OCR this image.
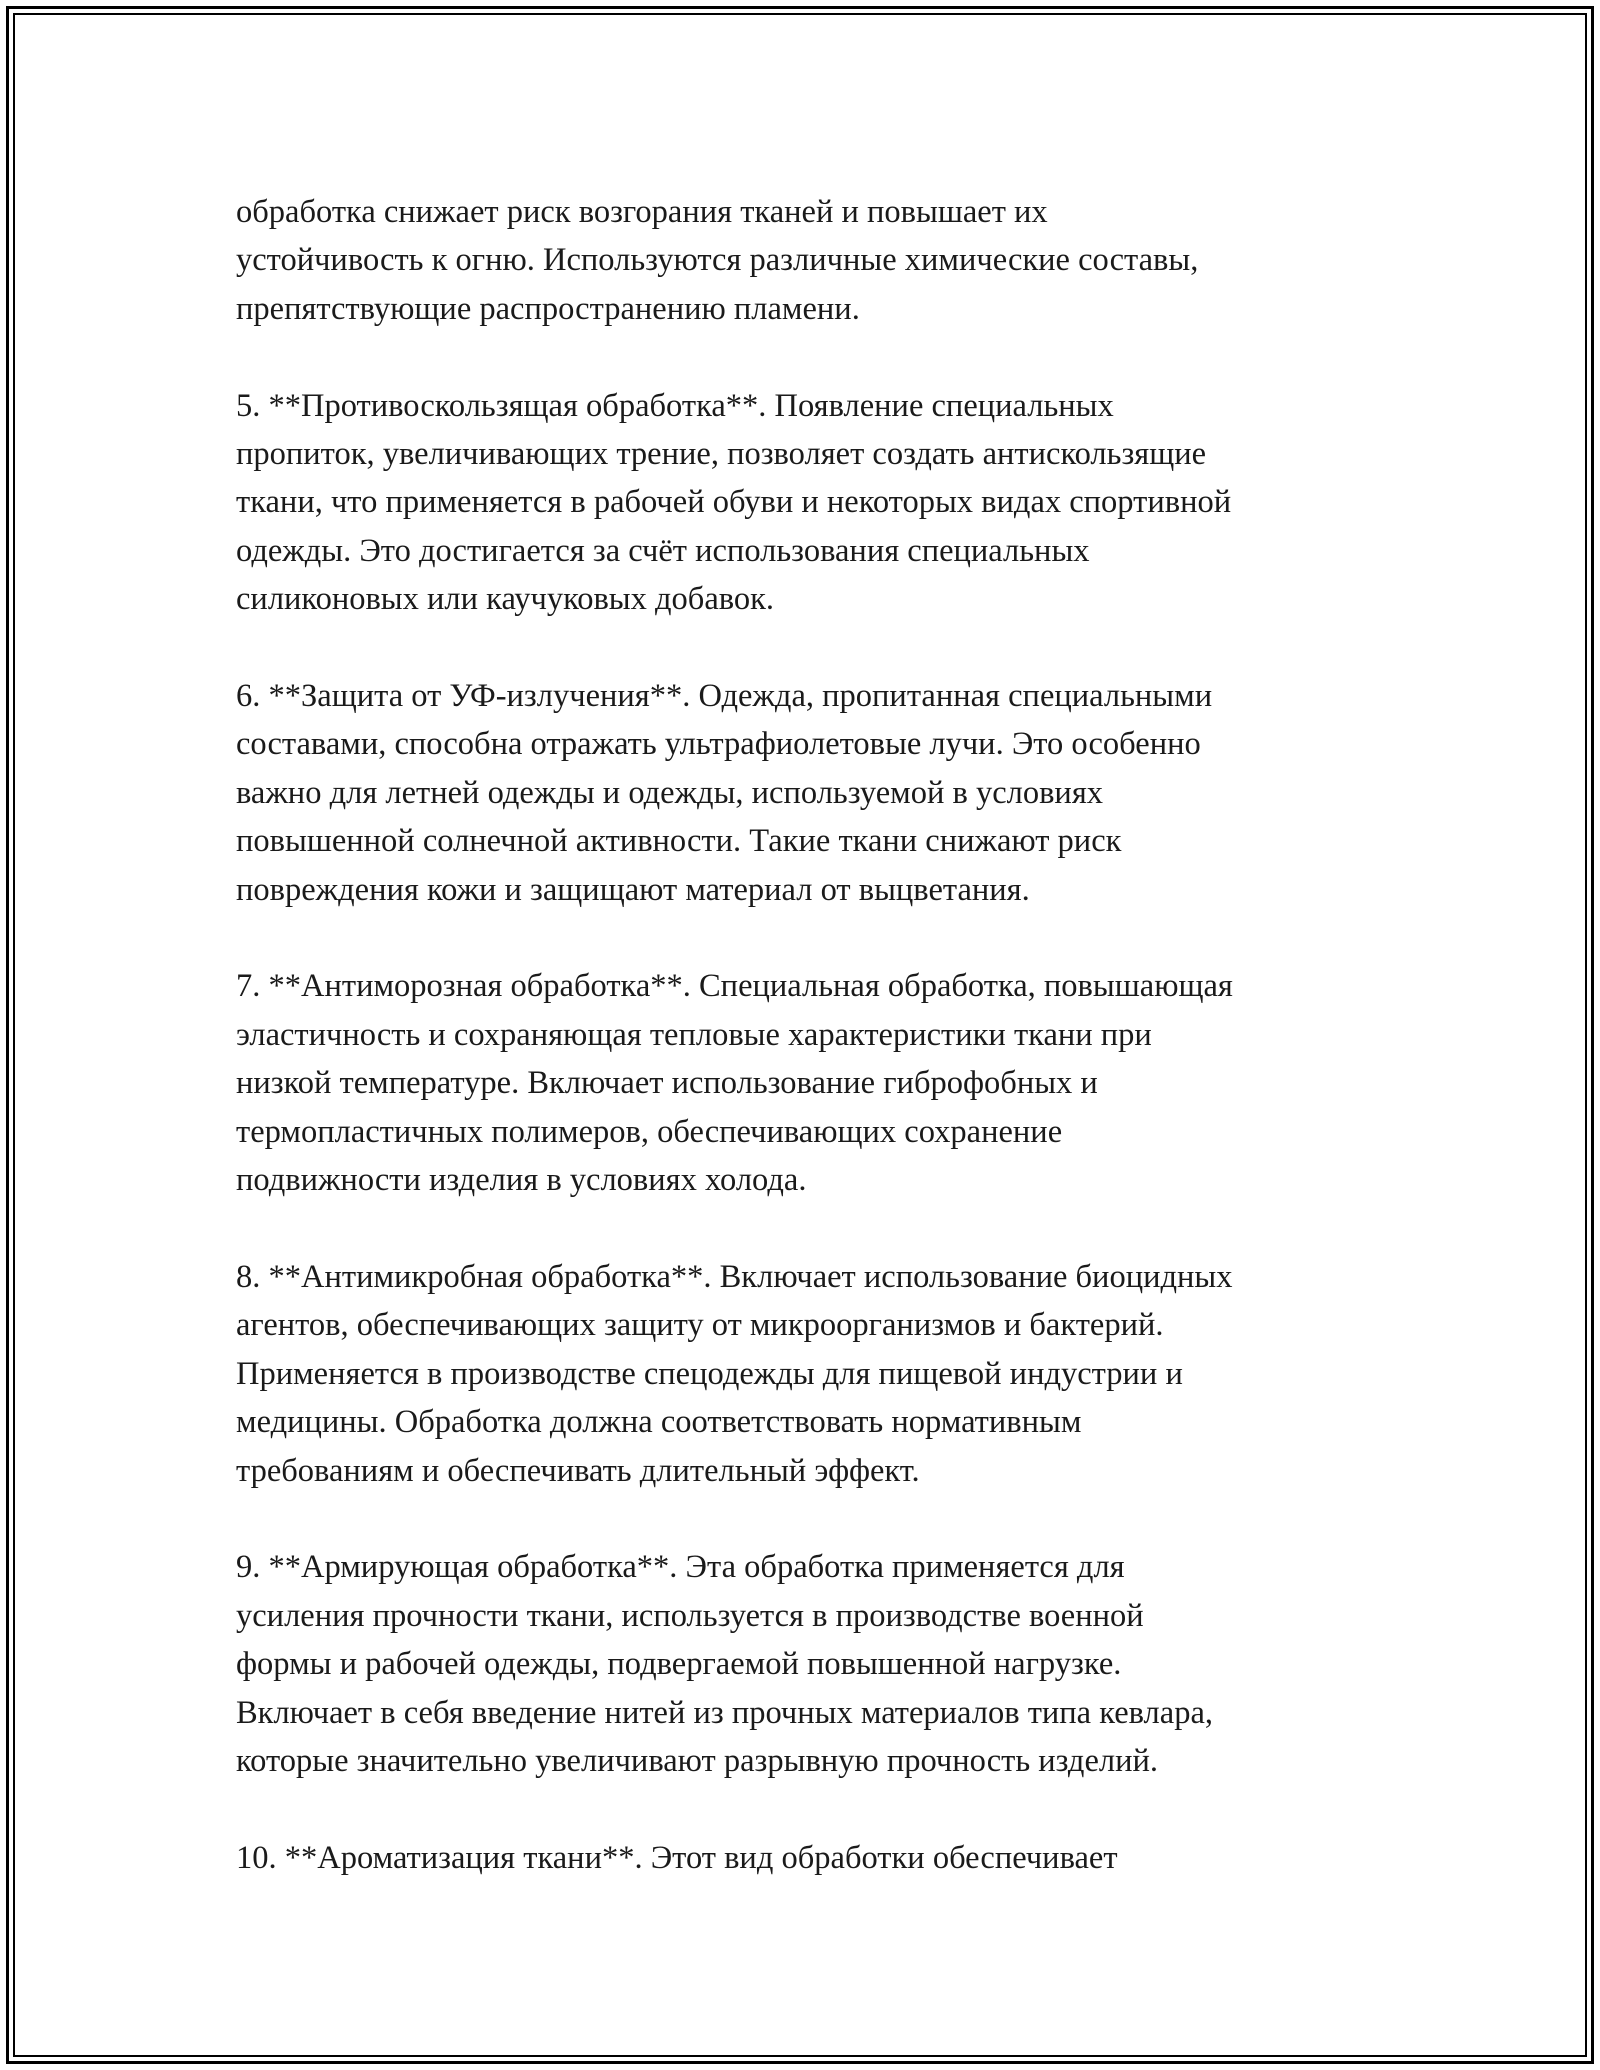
обработка снижает риск возгорания тканей и повышает их
устойчивость к огню. Используются различные химические составы,
препятствующие распространению пламени.

5. **Противоскользящая обработка**. Появление специальных
пропиток, увеличивающих трение, позволяет создать антискользящие
ткани, что применяется в рабочей обуви и некоторых видах спортивной
одежды. Это достигается за счёт использования специальных
силиконовых или каучуковых добавок.

6. **Защита от УФ-излучения**. Одежда, пропитанная специальными
составами, способна отражать ультрафиолетовые лучи. Это особенно
важно для летней одежды и одежды, используемой в условиях
повышенной солнечной активности. Такие ткани снижают риск
повреждения кожи и защищают материал от выцветания.

7. **Антиморозная обработка**. Специальная обработка, повышающая
эластичность и сохраняющая тепловые характеристики ткани при
низкой температуре. Включает использование гиброфобных и
термопластичных полимеров, обеспечивающих сохранение
подвижности изделия в условиях холода.

8. **Антимикробная обработка**. Включает использование биоцидных
агентов, обеспечивающих защиту от микроорганизмов и бактерий.
Применяется в производстве спецодежды для пищевой индустрии и
медицины. Обработка должна соответствовать нормативным
требованиям и обеспечивать длительный эффект.

9. **Армирующая обработка**. Эта обработка применяется для
усиления прочности ткани, используется в производстве военной
формы и рабочей одежды, подвергаемой повышенной нагрузке.
Включает в себя введение нитей из прочных материалов типа кевлара,
которые значительно увеличивают разрывную прочность изделий.

10. **Ароматизация ткани**. Этот вид обработки обеспечивает
